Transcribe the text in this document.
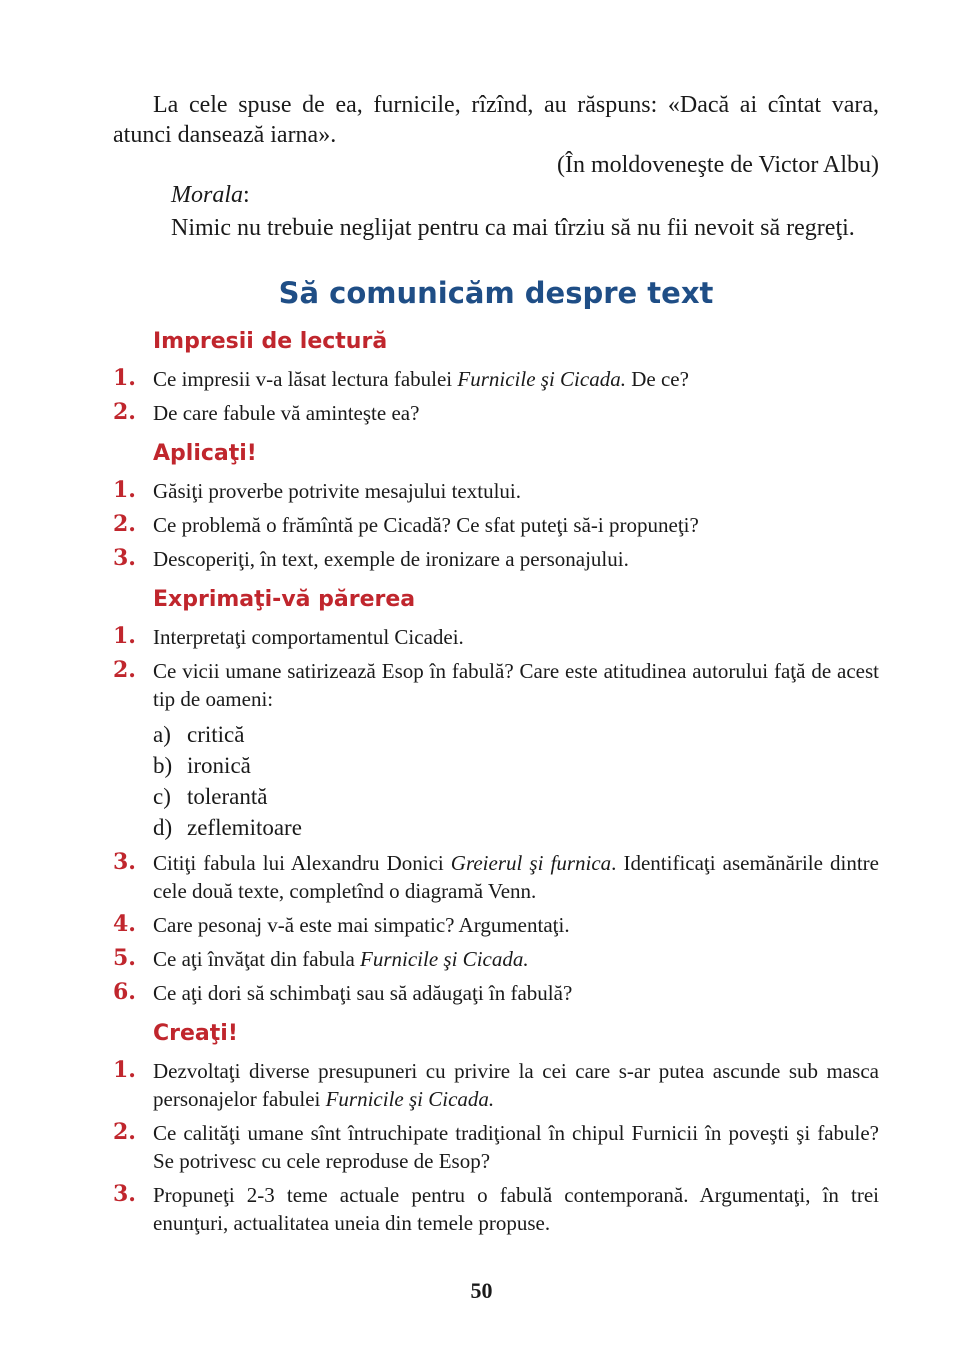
La cele spuse de ea, furnicile, rîzînd, au răspuns: «Dacă ai cîntat vara, atunci dansează iarna».

(În moldoveneşte de Victor Albu)

Morala:

Nimic nu trebuie neglijat pentru ca mai tîrziu să nu fii nevoit să regreţi.

Să comunicăm despre text
Impresii de lectură
1. Ce impresii v-a lăsat lectura fabulei Furnicile şi Cicada. De ce?
2. De care fabule vă aminteşte ea?
Aplicaţi!
1. Găsiţi proverbe potrivite mesajului textului.
2. Ce problemă o frămîntă pe Cicadă? Ce sfat puteţi să-i propuneţi?
3. Descoperiţi, în text, exemple de ironizare a personajului.
Exprimaţi-vă părerea
1. Interpretaţi comportamentul Cicadei.
2. Ce vicii umane satirizează Esop în fabulă? Care este atitudinea autorului faţă de acest tip de oameni:
a) critică
b) ironică
c) tolerantă
d) zeflemitoare
3. Citiţi fabula lui Alexandru Donici Greierul şi furnica. Identificaţi asemănările dintre cele două texte, completînd o diagramă Venn.
4. Care pesonaj v-ă este mai simpatic? Argumentaţi.
5. Ce aţi învăţat din fabula Furnicile şi Cicada.
6. Ce aţi dori să schimbaţi sau să adăugaţi în fabulă?
Creaţi!
1. Dezvoltaţi diverse presupuneri cu privire la cei care s-ar putea ascunde sub masca personajelor fabulei Furnicile şi Cicada.
2. Ce calităţi umane sînt întruchipate tradiţional în chipul Furnicii în poveşti şi fabule? Se potrivesc cu cele reproduse de Esop?
3. Propuneţi 2-3 teme actuale pentru o fabulă contemporană. Argumentaţi, în trei enunţuri, actualitatea uneia din temele propuse.
50
